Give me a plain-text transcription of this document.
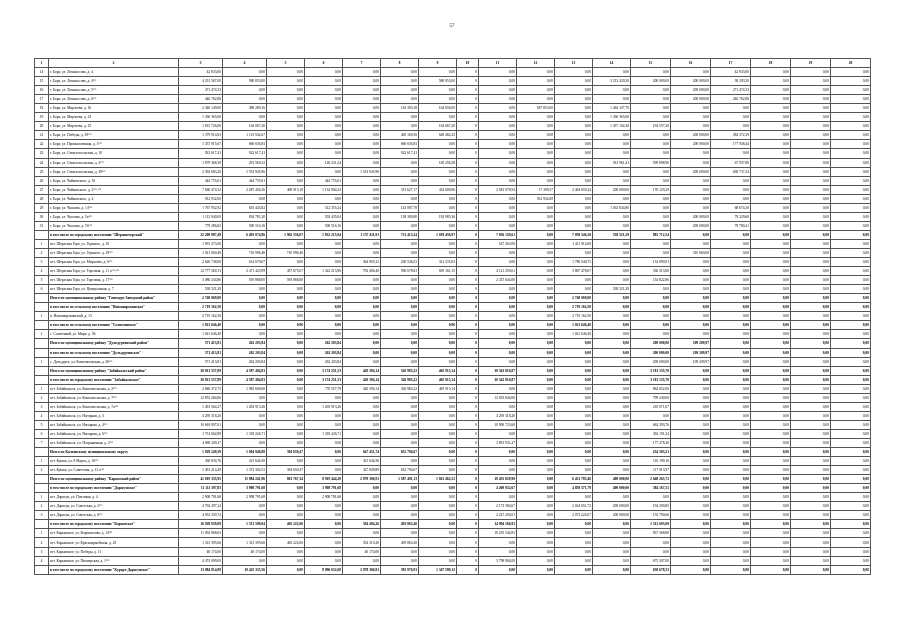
57
1	2	3	4	5	6	7	8	9	10	11	12	13	14	15	16	17	18	19	20
14	г. Бора, ул. Ломоносова, д. 4	42 833,00	0,00	0,00	0,00	0,00	0,00	0,00	0	0,00	0,00	0,00	0,00	0,00	0,00	42 833,00	0,00	0,00	0,00
15	г. Бора, ул. Ломоносова, д. 4²²⁵	4 231 567,00	580 053,00	0,00	0,00	0,00	0,00	580 053,00	0	0,00	0,00	0,00	3 213 220,50	200 000,00	200 000,00	38 293,50	0,00	0,00	0,00
16	г. Бора, ул. Ломоносова, д. 5²²⁵	471 474,33	0,00	0,00	0,00	0,00	0,00	0,00	0	0,00	0,00	0,00	0,00	0,00	200 000,00	271 474,33	0,00	0,00	0,00
17	г. Бора, ул. Ломоносова, д. 6²²⁵	440 762,86	0,00	0,00	0,00	0,00	0,00	0,00	0	0,00	0,00	0,00	0,00	0,00	200 000,00	240 762,86	0,00	0,00	0,00
18	г. Бора, ул. Мирзоева, д. 16	2 340 149,00	388 289,16	0,00	0,00	0,00	143 393,18	164 656,00	0	0,00	567 853,00	0,00	1 464 107,70	0,00	0,00	0,00	0,00	0,00	0,00
19	г. Бора, ул. Мирзоева, д. 23	1 456 365,00	0,00	0,00	0,00	0,00	0,00	0,00	0	0,00	0,00	0,00	1 456 365,00	0,00	0,00	0,00	0,00	0,00	0,00
20	г. Бора, ул. Мирзоева, д. 25	1 815 726,00	164 067,20	0,00	0,00	0,00	0,00	164 067,20	0	0,00	0,00	0,00	1 457 102,40	194 557,20	0,00	0,00	0,00	0,00	0,00
21	г. Бора, ул. Победы, д. 39²²⁵	1 379 914,63	1 113 942,67	0,00	0,00	0,00	465 160,56	648 482,25	0	0,00	0,00	0,00	0,00	0,00	200 000,00	384 372,39	0,00	0,00	0,00
22	г. Бора, ул. Промышленная, д. 3²²⁵	1 337 915,67	660 656,83	0,00	0,00	0,00	660 656,83	0,00	0	0,00	0,00	0,00	0,00	0,00	200 000,00	177 938,44	0,00	0,00	0,00
23	г. Бора, ул. Севастопольская, д. 10	922 617,41	922 617,41	0,00	0,00	0,00	922 617,41	0,00	0	0,00	0,00	0,00	0,00	0,00	0,00	0,00	0,00	0,00	0,00
24	г. Бора, ул. Севастопольская, д. 2²²⁵	1 879 368,39	291 560,32	0,00	126 231,24	0,00	0,00	165 256,28	0	0,00	0,00	0,00	913 961,41	599 898,90	0,00	67 937,86	0,00	0,00	0,00
25	г. Бора, ул. Севастопольская, д. 38²²⁵	2 392 683,20	1 553 945,96	0,00	0,00	1 553 945,96	0,00	0,00	0	0,00	0,00	0,00	0,00	0,00	200 000,00	638 737,24	0,00	0,00	0,00
26	г. Бора, ул. Чайковского, д. 16	444 755,61	444 755,61	0,00	444 755,61	0,00	0,00	0,00	0	0,00	0,00	0,00	0,00	0,00	0,00	0,00	0,00	0,00	0,00
27	г. Бора, ул. Чайковского, д. 2²²⁵,¹²⁵	7 660 474,32	2 287 456,36	408 915,10	1 132 904,23	0,00	313 627,17	434 009,86	0	2 581 078,94	17 399,37	2 404 659,24	200 000,00	170 129,29	0,00	0,00	0,00	0,00	0,00
28	г. Бора, ул. Чайковского, д. 4	912 932,00	0,00	0,00	0,00	0,00	0,00	0,00	0	0,00	912 932,00	0,00	0,00	0,00	0,00	0,00	0,00	0,00	0,00
29	г. Бора, ул. Чкалова, д. 14²²⁵	1 767 952,92	655 443,82	0,00	512 355,24	0,00	143 087,78	0,00	0	0,00	0,00	0,00	1 033 834,80	0,00	0,00	68 674,30	0,00	0,00	0,00
30	г. Бора, ул. Чкалова, д. 5а²²⁵	1 113 940,00	834 781,20	0,00	503 435,04	0,00	138 380,80	192 985,36	0	0,00	0,00	0,00	0,00	0,00	200 000,00	79 229,60	0,00	0,00	0,00
31	г. Бора, ул. Чкалова, д. 5б²²⁵	779 286,82	500 516,16	0,00	500 516,16	0,00	0,00	0,00	0	0,00	0,00	0,00	0,00	0,00	200 000,00	78 780,41	0,00	0,00	0,00
	в том числе по городскому поселению "Шершнегорский"	22 209 987,49	6 493 074,86	1 962 556,07	1 832 215,94	1 157 411,91	731 413,24	1 019 456,97	0	7 036 159,61	0,00	7 058 546,20	538 521,29	883 712,54	0,00	0,00	0,00	0,00	0,00
1	пгт. Шерлская Гора, ул. Горького, д. 10	1 991 273,00	0,00	0,00	0,00	0,00	0,00	0,00	0	547 263,00	0,00	1 411 914,00	0,00	0,00	0,00	0,00	0,00	0,00	0,00
2	пгт. Шерлская Гора, ул. Горького, д. 29²²⁵	1 021 060,49	710 996,46	710 996,46	0,00	0,00	0,00	0,00	0	0,00	0,00	0,00	0,00	0,00	310 060,00	0,00	0,00	0,00	0,00
3	пгт. Шерлская Гора, ул. Мирзоева, д. 6²²⁵	2 626 738,00	614 670,67	0,00	0,00	364 805,32	230 536,53	321 335,03	0	0,00	0,00	1 780 040,75	0,00	132 090,91	0,00	0,00	0,00	0,00	0,00
4	пгт. Шерлская Гора, ул. Торговая, д. 11 а²²⁵,¹²⁵	12 777 560,13	2 471 423,99	457 675,67	1 322 213,96	792 406,40	596 678,63	695 161,15	0	4 121 250,61	0,00	3 867 478,67	0,00	336 313,00	0,00	0,00	0,00	0,00	0,00
5	пгт. Шерлская Гора, ул. Торговая, д. 17²²⁵	3 086 334,86	593 868,00	593 868,00	0,00	0,00	0,00	0,00	0	2 337 644,00	0,00	0,00	0,00	154 822,86	0,00	0,00	0,00	0,00	0,00
6	пгт. Шерлская Гора, ул. Центральная, д. 7	538 521,29	0,00	0,00	0,00	0,00	0,00	0,00	0	0,00	0,00	0,00	538 521,29	0,00	0,00	0,00	0,00	0,00	0,00
	Итого по муниципальному району "Газимуро-Заводский район"	2 740 069,00	0,00	0,00	0,00	0,00	0,00	0,00	0	0,00	0,00	2 740 069,00	0,00	0,00	0,00	0,00	0,00	0,00	0,00
	в том числе по сельскому поселению "Новоширокинское"	2 719 162,50	0,00	0,00	0,00	0,00	0,00	0,00	0	0,00	0,00	2 719 162,50	0,00	0,00	0,00	0,00	0,00	0,00	0,00
1	п. Новоширокинский, д. 13	2 719 162,50	0,00	0,00	0,00	0,00	0,00	0,00	0	0,00	0,00	2 719 162,50	0,00	0,00	0,00	0,00	0,00	0,00	0,00
	в том числе по сельскому поселению "Солнечинское"	1 021 646,40	0,00	0,00	0,00	0,00	0,00	0,00	0	0,00	0,00	1 021 646,40	0,00	0,00	0,00	0,00	0,00	0,00	0,00
1	с. Солнечный, ул. Мира, д. 36	1 021 646,40	0,00	0,00	0,00	0,00	0,00	0,00	0	0,00	0,00	1 021 646,40	0,00	0,00	0,00	0,00	0,00	0,00	0,00
	Итого по муниципальному району "Дульдургинский район"	571 413,81	262 203,84	0,00	262 203,84	0,00	0,00	0,00	0	0,00	0,00	0,00	0,00	200 000,00	109 209,97	0,00	0,00	0,00	0,00
	в том числе по сельскому поселению "Дульдургинское"	571 413,81	262 203,84	0,00	262 203,84	0,00	0,00	0,00	0	0,00	0,00	0,00	0,00	200 000,00	109 209,97	0,00	0,00	0,00	0,00
1	с. Дульдурга, ул. Комсомольская, д. 36²²⁵	571 413,81	262 203,84	0,00	262 203,84	0,00	0,00	0,00	0	0,00	0,00	0,00	0,00	200 000,00	109 209,97	0,00	0,00	0,00	0,00
	Итого по муниципальному району "Забайкальский район"	30 813 537,89	4 587 404,83	0,00	3 174 251,53	420 394,14	326 983,22	465 915,14	0	30 343 816,87	0,00	0,00	0,00	3 181 135,70	0,00	0,00	0,00	0,00	0,00
	в том числе по городскому поселению "Забайкальское"	30 813 537,89	4 587 404,83	0,00	3 174 251,53	420 394,14	326 983,22	465 915,14	0	30 343 816,87	0,00	0,00	0,00	3 181 135,70	0,00	0,00	0,00	0,00	0,00
1	пгт. Забайкальск, ул. Комсомольская, д. 2²²⁵	2 846 372,75	1 983 600,00	0,00	770 557,79	420 394,14	326 983,22	465 915,14	0	0,00	0,00	0,00	0,00	862 052,06	0,00	0,00	0,00	0,00	0,00
2	пгт. Забайкальск, ул. Комсомольская, д. 7²²⁵	12 853 284,86	0,00	0,00	0,00	0,00	0,00	0,00	0	12 053 844,00	0,00	0,00	0,00	799 240,00	0,00	0,00	0,00	0,00	0,00
3	пгт. Забайкальск, ул. Комсомольская, д. 7а²²⁵	1 491 564,27	1 203 913,26	0,00	1 203 913,26	0,00	0,00	0,00	0	0,00	0,00	0,00	0,00	210 071,07	0,00	0,00	0,00	0,00	0,00
4	пгт. Забайкальск, ул. Нагорная, д. 3	4 295 318,20	0,00	0,00	0,00	0,00	0,00	0,00	0	4 295 318,20	0,00	0,00	0,00	0,00	0,00	0,00	0,00	0,00	0,00
5	пгт. Забайкальск, ул. Нагорная, д. 4²²⁵	10 663 907,01	0,00	0,00	0,00	0,00	0,00	0,00	0	10 000 723,60	0,00	0,00	0,00	662 393,76	0,00	0,00	0,00	0,00	0,00
6	пгт. Забайкальск, ул. Нагорная, д. 6²²⁵	1 731 662,89	1 318 226,71	0,00	1 318 226,71	0,00	0,00	0,00	0	0,00	0,00	0,00	0,00	392 191,24	0,00	0,00	0,00	0,00	0,00
7	пгт. Забайкальск, ул. Пограничная, д. 2²²⁵	4 069 209,27	0,00	0,00	0,00	0,00	0,00	0,00	0	3 891 931,27	0,00	0,00	0,00	177 278,20	0,00	0,00	0,00	0,00	0,00
	Итого по Калганскому муниципальному округу	1 929 249,59	1 694 946,88	394 650,47	0,00	647 451,74	652 794,67	0,00	0	0,00	0,00	0,00	0,00	234 303,21	0,00	0,00	0,00	0,00	0,00
1	пгт. Кушка, ул. 8 Марта, д. 10²²⁵	430 834,76	321 644,30	0,00	0,00	321 644,30	0,00	0,00	0	0,00	0,00	0,00	0,00	116 190,16	0,00	0,00	0,00	0,00	0,00
2	пгт. Кушка, ул. Советская, д. 12 а²²⁵	1 491 214,49	1 373 302,52	394 650,47	0,00	327 849,89	652 794,67	0,00	0	0,00	0,00	0,00	0,00	117 913,97	0,00	0,00	0,00	0,00	0,00
	Итого по муниципальному району "Карымский район"	41 019 335,95	15 984 241,96	861 767,34	8 919 444,20	2 078 306,91	1 587 401,13	1 841 462,52	0	10 455 829,98	0,00	6 431 785,46	400 000,00	2 648 263,72	0,00	0,00	0,00	0,00	0,00
	в том числе по городскому поселению "Дарасунское"	11 111 397,83	3 908 791,68	0,00	3 908 791,68	0,00	0,00	0,00	0	4 400 832,67	0,00	4 859 571,79	400 000,00	384 167,51	0,00	0,00	0,00	0,00	0,00
1	пгт. Дарасун, ул. Почтовая, д. 4	2 908 791,68	2 908 791,68	0,00	2 908 791,68	0,00	0,00	0,00	0	0,00	0,00	0,00	0,00	0,00	0,00	0,00	0,00	0,00	0,00
2	пгт. Дарасун, ул. Советская, д. 2²²⁵	4 702 297,24	0,00	0,00	0,00	0,00	0,00	0,00	0	2 173 584,67	0,00	2 024 651,72	200 000,00	194 290,85	0,00	0,00	0,00	0,00	0,00
3	пгт. Дарасун, ул. Советская, д. 6²²⁵	4 052 350,74	0,00	0,00	0,00	0,00	0,00	0,00	0	2 227 256,01	0,00	2 072 224,07	200 000,00	153 790,66	0,00	0,00	0,00	0,00	0,00
	в том числе по городскому поселению "Карымское"	16 928 939,09	1 313 509,04	465 222,06	0,00	394 494,26	493 863,40	0,00	0	14 094 166,93	0,00	0,00	0,00	1 512 603,09	0,00	0,00	0,00	0,00	0,00
1	пгт. Карымское, ул. Ворошилова, д. 14²²⁵	11 092 868,63	0,00	0,00	0,00	0,00	0,00	0,00	0	10 255 344,83	0,00	0,00	0,00	837 368,80	0,00	0,00	0,00	0,00	0,00
2	пгт. Карымское, ул. Красноармейская, д. 25	1 313 395,66	1 313 395,66	465 222,06	0,00	354 310,20	493 863,40	0,00	0	0,00	0,00	0,00	0,00	0,00	0,00	0,00	0,00	0,00	0,00
3	пгт. Карымское, ул. Победы, д. 11	40 174,00	40 174,00	0,00	0,00	40 174,00	0,00	0,00	0	0,00	0,00	0,00	0,00	0,00	0,00	0,00	0,00	0,00	0,00
4	пгт. Карымское, ул. Пионерская, д. 1²²⁵	4 474 009,00	0,00	0,00	0,00	0,00	0,00	0,00	0	3 798 804,00	0,00	0,00	0,00	675 207,00	0,00	0,00	0,00	0,00	0,00
	в том числе по городскому поселению "Курорт-Дарасунское"	13 084 014,09	10 425 335,56	0,00	8 096 652,68	2 078 306,91	592 976,93	1 347 599,12	0	0,00	0,00	0,00	0,00	658 678,53	0,00	0,00	0,00	0,00	0,00
